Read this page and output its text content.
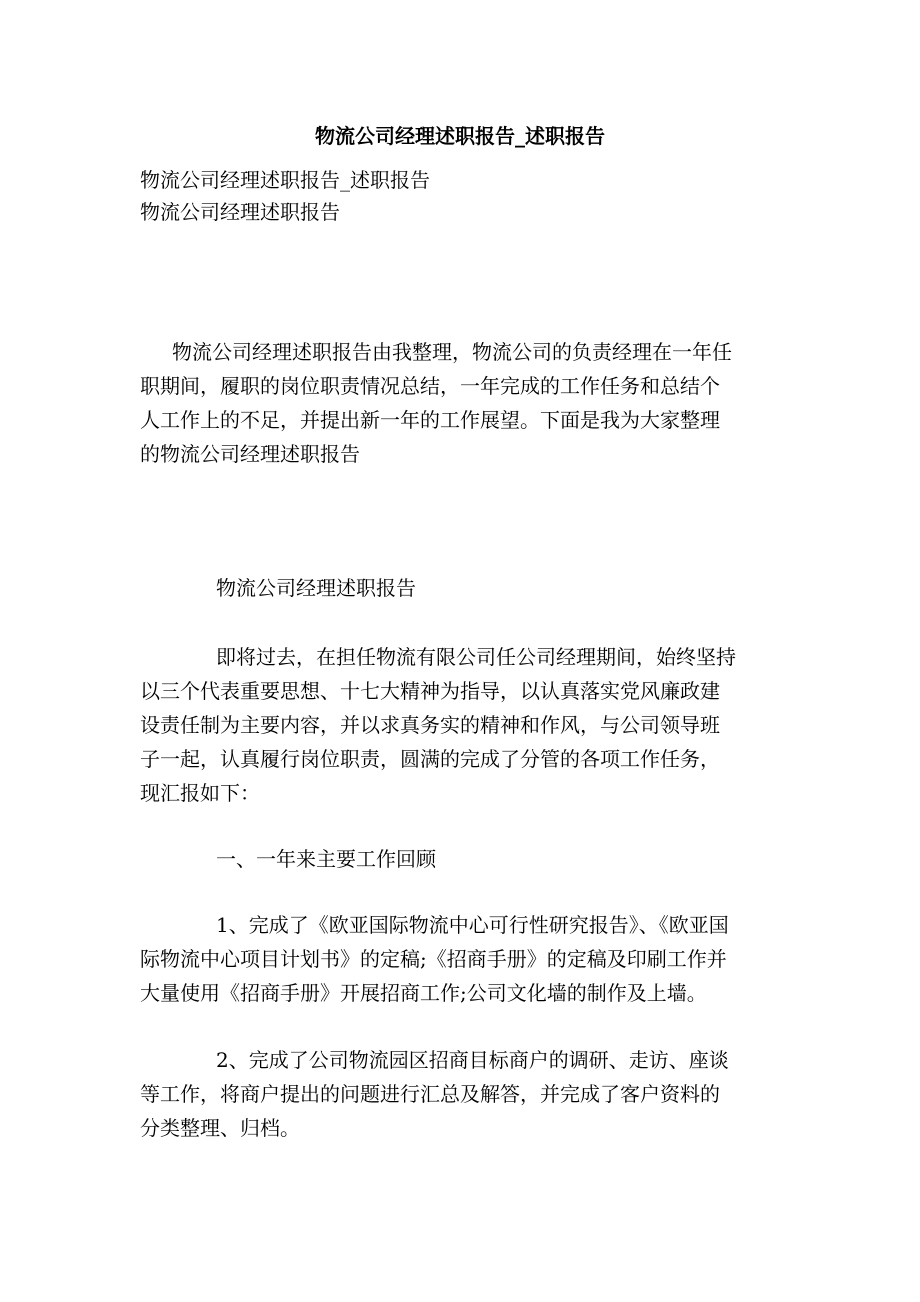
物流公司经理述职报告_述职报告
物流公司经理述职报告_述职报告
物流公司经理述职报告
物流公司经理述职报告由我整理，物流公司的负责经理在一年任
职期间，履职的岗位职责情况总结，一年完成的工作任务和总结个
人工作上的不足，并提出新一年的工作展望。下面是我为大家整理
的物流公司经理述职报告
物流公司经理述职报告
即将过去，在担任物流有限公司任公司经理期间，始终坚持
以三个代表重要思想、十七大精神为指导，以认真落实党风廉政建
设责任制为主要内容，并以求真务实的精神和作风，与公司领导班
子一起，认真履行岗位职责，圆满的完成了分管的各项工作任务，
现汇报如下：
一、一年来主要工作回顾
1、完成了《欧亚国际物流中心可行性研究报告》、《欧亚国
际物流中心项目计划书》的定稿;《招商手册》的定稿及印刷工作并
大量使用《招商手册》开展招商工作;公司文化墙的制作及上墙。
2、完成了公司物流园区招商目标商户的调研、走访、座谈
等工作，将商户提出的问题进行汇总及解答，并完成了客户资料的
分类整理、归档。
